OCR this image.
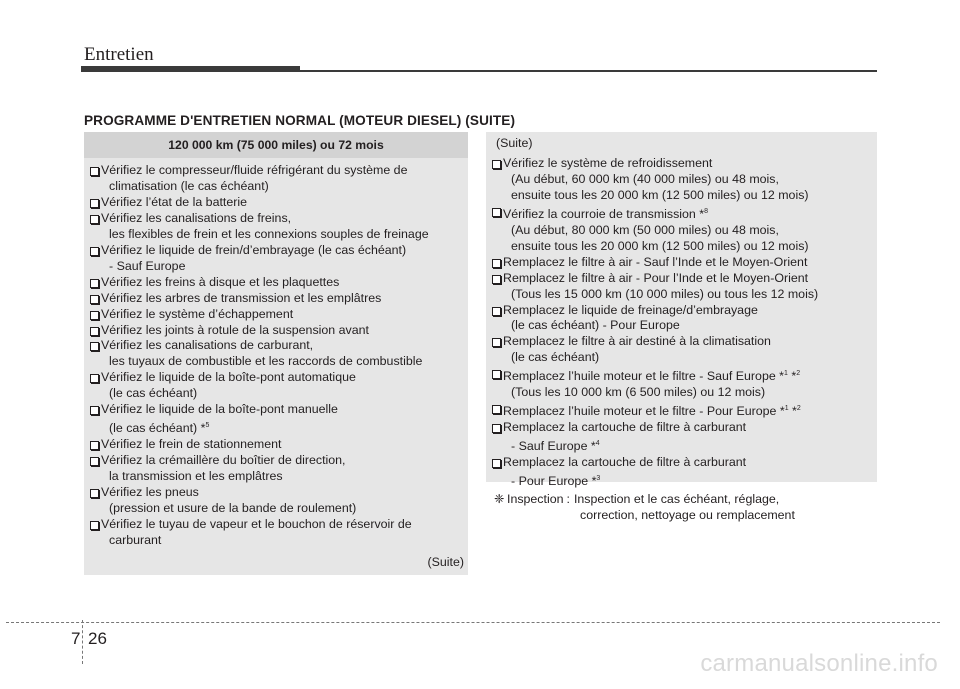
Entretien
PROGRAMME D'ENTRETIEN NORMAL (MOTEUR DIESEL) (SUITE)
120 000 km (75 000 miles) ou 72 mois
Vérifiez le compresseur/fluide réfrigérant du système de
climatisation (le cas échéant)
Vérifiez l’état de la batterie
Vérifiez les canalisations de freins,
les flexibles de frein et les connexions souples de freinage
Vérifiez le liquide de frein/d’embrayage (le cas échéant)
- Sauf Europe
Vérifiez les freins à disque et les plaquettes
Vérifiez les arbres de transmission et les emplâtres
Vérifiez le système d’échappement
Vérifiez les joints à rotule de la suspension avant
Vérifiez les canalisations de carburant,
les tuyaux de combustible et les raccords de combustible
Vérifiez le liquide de la boîte-pont automatique
(le cas échéant)
Vérifiez le liquide de la boîte-pont manuelle
(le cas échéant) *$^5$
Vérifiez le frein de stationnement
Vérifiez la crémaillère du boîtier de direction,
la transmission et les emplâtres
Vérifiez les pneus
(pression et usure de la bande de roulement)
Vérifiez le tuyau de vapeur et le bouchon de réservoir de
carburant
(Suite)
(Suite)
Vérifiez le système de refroidissement
(Au début, 60 000 km (40 000 miles) ou 48 mois,
ensuite tous les 20 000 km (12 500 miles) ou 12 mois)
Vérifiez la courroie de transmission *$^8$
(Au début, 80 000 km (50 000 miles) ou 48 mois,
ensuite tous les 20 000 km (12 500 miles) ou 12 mois)
Remplacez le filtre à air - Sauf l’Inde et le Moyen-Orient
Remplacez le filtre à air - Pour l’Inde et le Moyen-Orient
(Tous les 15 000 km (10 000 miles) ou tous les 12 mois)
Remplacez le liquide de freinage/d’embrayage
(le cas échéant) - Pour Europe
Remplacez le filtre à air destiné à la climatisation
(le cas échéant)
Remplacez l’huile moteur et le filtre - Sauf Europe *$^1$ *$^2$
(Tous les 10 000 km (6 500 miles) ou 12 mois)
Remplacez l’huile moteur et le filtre - Pour Europe *$^1$ *$^2$
Remplacez la cartouche de filtre à carburant
- Sauf Europe *$^4$
Remplacez la cartouche de filtre à carburant
- Pour Europe *$^3$
❈ Inspection : Inspection et le cas échéant, réglage,
correction, nettoyage ou remplacement
7 26
carmanualsonline.info
